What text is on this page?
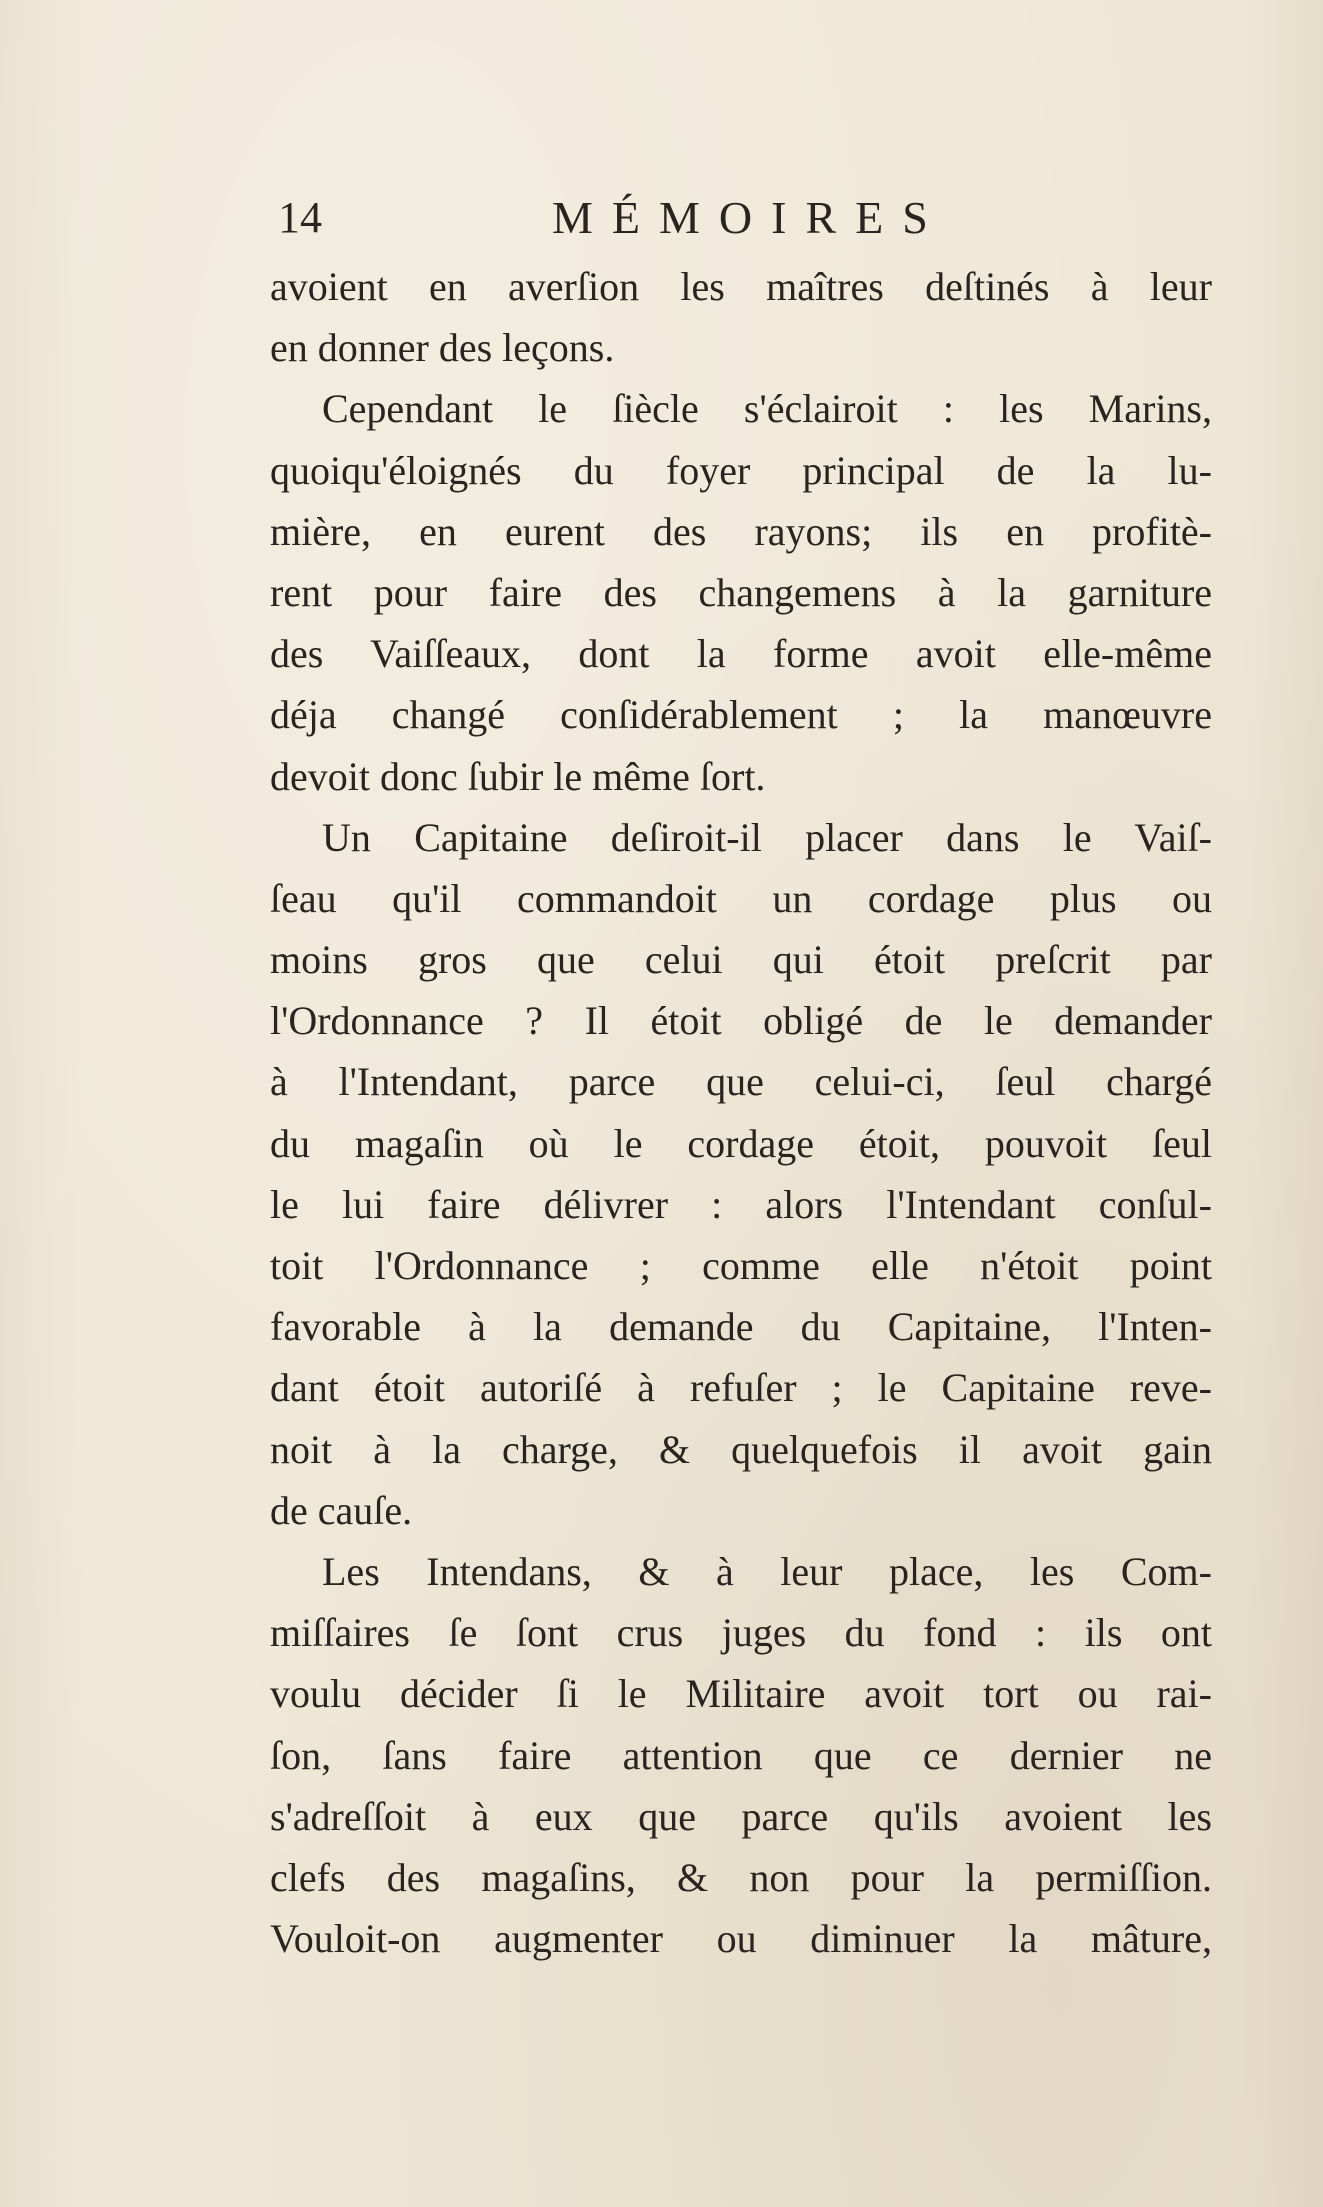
14	MÉMOIRES
avoient en averſion les maîtres deſtinés à leur
en donner des leçons.
Cependant le ſiècle s'éclairoit : les Marins,
quoiqu'éloignés du foyer principal de la lu-
mière, en eurent des rayons; ils en profitè-
rent pour faire des changemens à la garniture
des Vaiſſeaux, dont la forme avoit elle-même
déja changé conſidérablement ; la manœuvre
devoit donc ſubir le même ſort.
Un Capitaine deſiroit-il placer dans le Vaiſ-
ſeau qu'il commandoit un cordage plus ou
moins gros que celui qui étoit preſcrit par
l'Ordonnance ? Il étoit obligé de le demander
à l'Intendant, parce que celui-ci, ſeul chargé
du magaſin où le cordage étoit, pouvoit ſeul
le lui faire délivrer : alors l'Intendant conſul-
toit l'Ordonnance ; comme elle n'étoit point
favorable à la demande du Capitaine, l'Inten-
dant étoit autoriſé à refuſer ; le Capitaine reve-
noit à la charge, & quelquefois il avoit gain
de cauſe.
Les Intendans, & à leur place, les Com-
miſſaires ſe ſont crus juges du fond : ils ont
voulu décider ſi le Militaire avoit tort ou rai-
ſon, ſans faire attention que ce dernier ne
s'adreſſoit à eux que parce qu'ils avoient les
clefs des magaſins, & non pour la permiſſion.
Vouloit-on augmenter ou diminuer la mâture,
